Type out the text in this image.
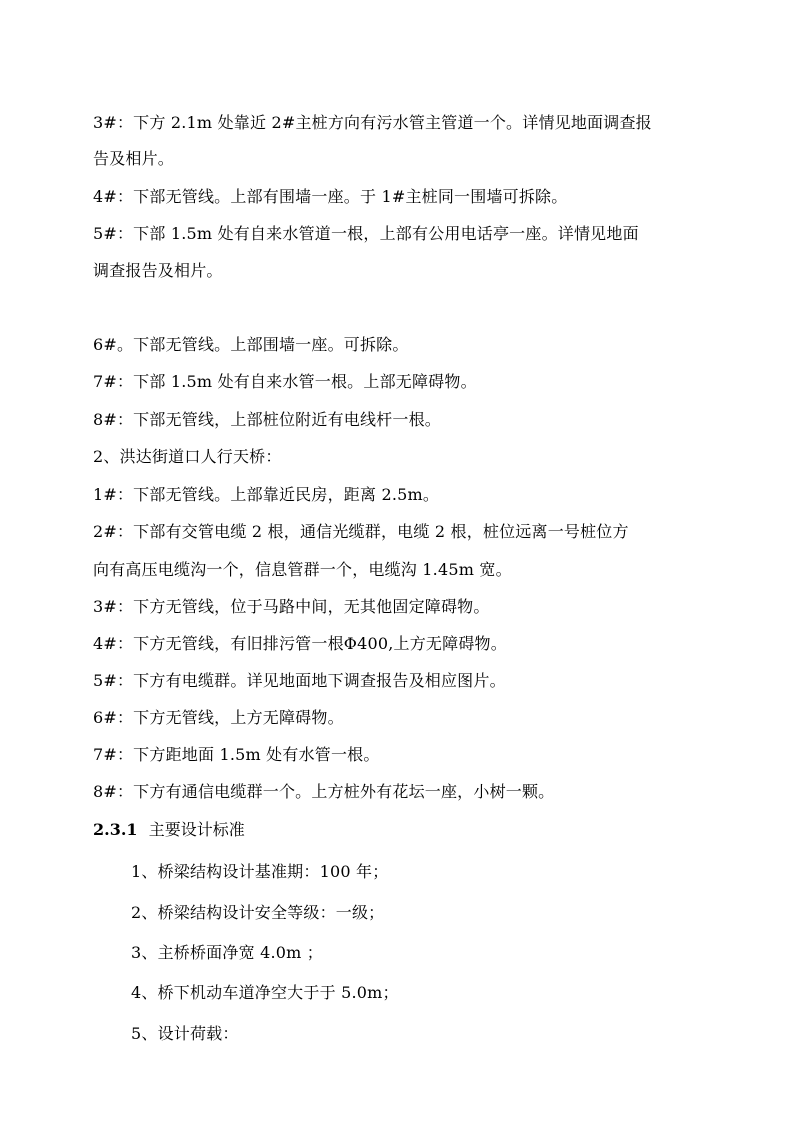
3#：下方 2.1m 处靠近 2#主桩方向有污水管主管道一个。详情见地面调查报
告及相片。
4#：下部无管线。上部有围墙一座。于 1#主桩同一围墙可拆除。
5#：下部 1.5m 处有自来水管道一根，上部有公用电话亭一座。详情见地面
调查报告及相片。
6#。下部无管线。上部围墙一座。可拆除。
7#：下部 1.5m 处有自来水管一根。上部无障碍物。
8#：下部无管线，上部桩位附近有电线杆一根。
2、洪达街道口人行天桥：
1#：下部无管线。上部靠近民房，距离 2.5m。
2#：下部有交管电缆 2 根，通信光缆群，电缆 2 根，桩位远离一号桩位方
向有高压电缆沟一个，信息管群一个，电缆沟 1.45m 宽。
3#：下方无管线，位于马路中间，无其他固定障碍物。
4#：下方无管线，有旧排污管一根Φ400,上方无障碍物。
5#：下方有电缆群。详见地面地下调查报告及相应图片。
6#：下方无管线，上方无障碍物。
7#：下方距地面 1.5m 处有水管一根。
8#：下方有通信电缆群一个。上方桩外有花坛一座，小树一颗。
2.3.1 主要设计标准
1、桥梁结构设计基准期：100 年；
2、桥梁结构设计安全等级：一级；
3、主桥桥面净宽 4.0m ；
4、桥下机动车道净空大于于 5.0m；
5、设计荷载：
